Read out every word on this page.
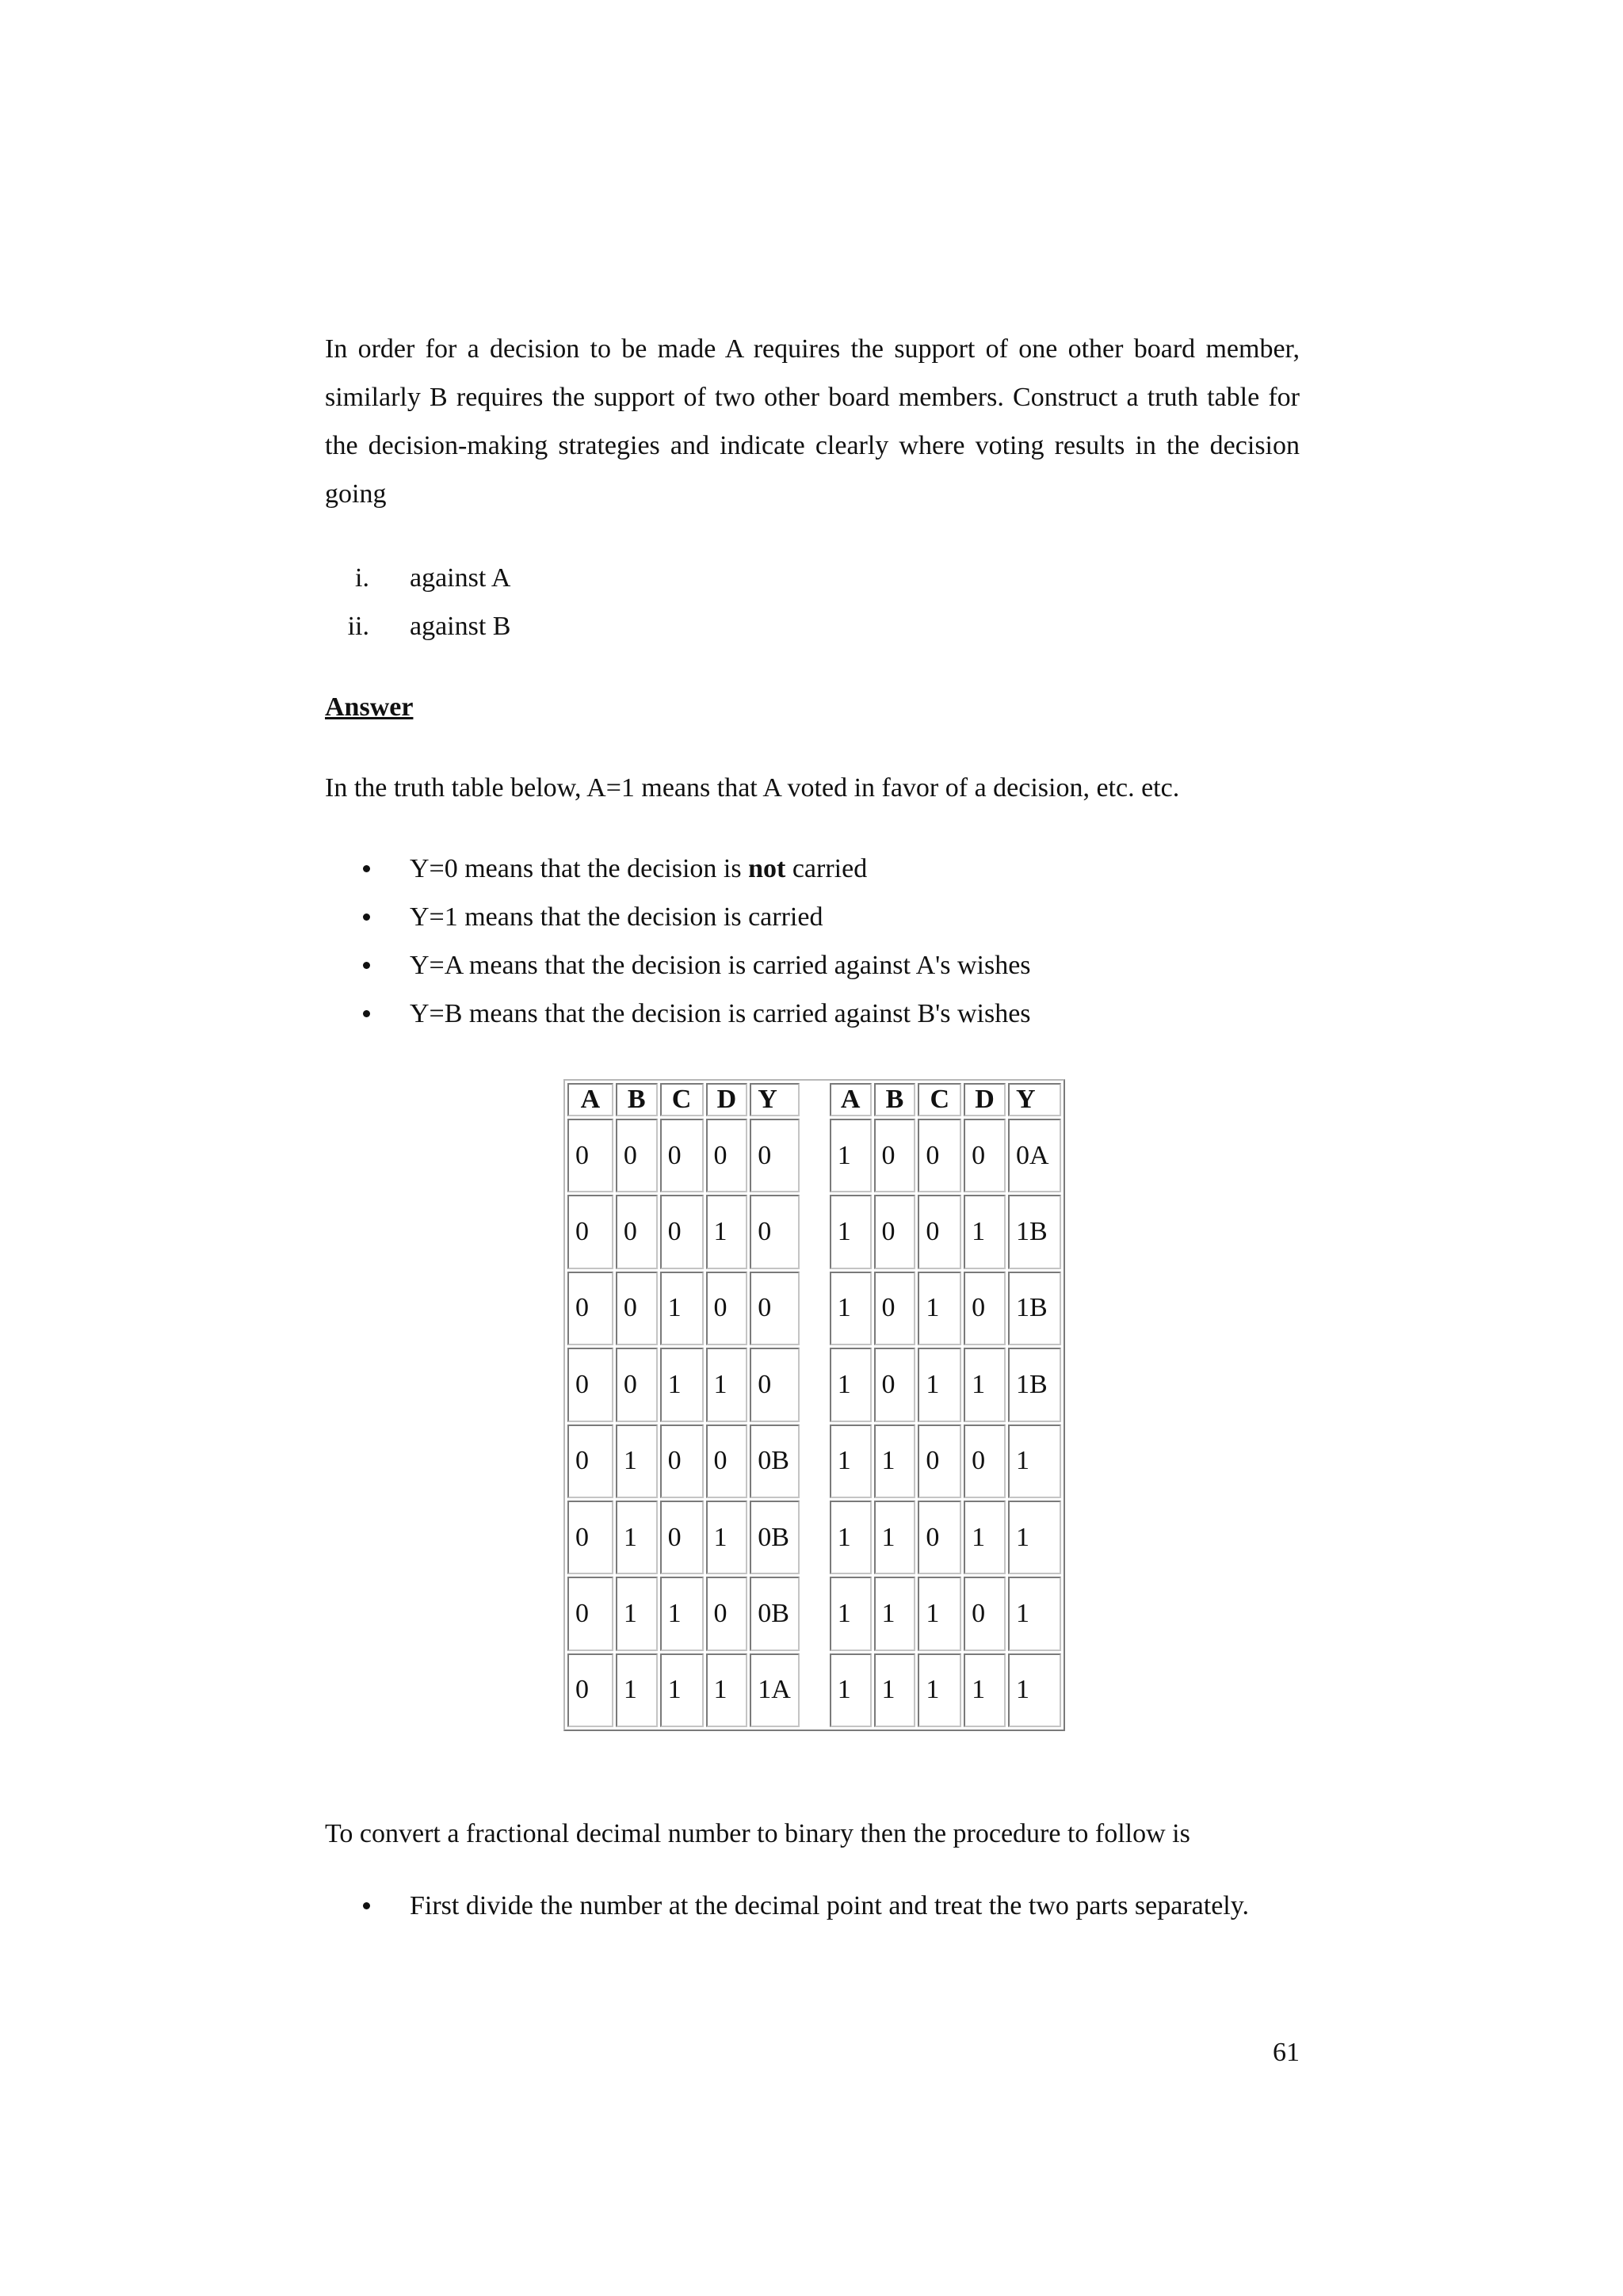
In order for a decision to be made A requires the support of one other board member, similarly B requires the support of two other board members. Construct a truth table for the decision-making strategies and indicate clearly where voting results in the decision going

i. against A
ii. against B
Answer

In the truth table below, A=1 means that A voted in favor of a decision, etc. etc.

Y=0 means that the decision is not carried
Y=1 means that the decision is carried
Y=A means that the decision is carried against A's wishes
Y=B means that the decision is carried against B's wishes
A	B	C	D	Y		A	B	C	D	Y
0	0	0	0	0		1	0	0	0	0A
0	0	0	1	0		1	0	0	1	1B
0	0	1	0	0		1	0	1	0	1B
0	0	1	1	0		1	0	1	1	1B
0	1	0	0	0B		1	1	0	0	1
0	1	0	1	0B		1	1	0	1	1
0	1	1	0	0B		1	1	1	0	1
0	1	1	1	1A		1	1	1	1	1

To convert a fractional decimal number to binary then the procedure to follow is

First divide the number at the decimal point and treat the two parts separately.
61
